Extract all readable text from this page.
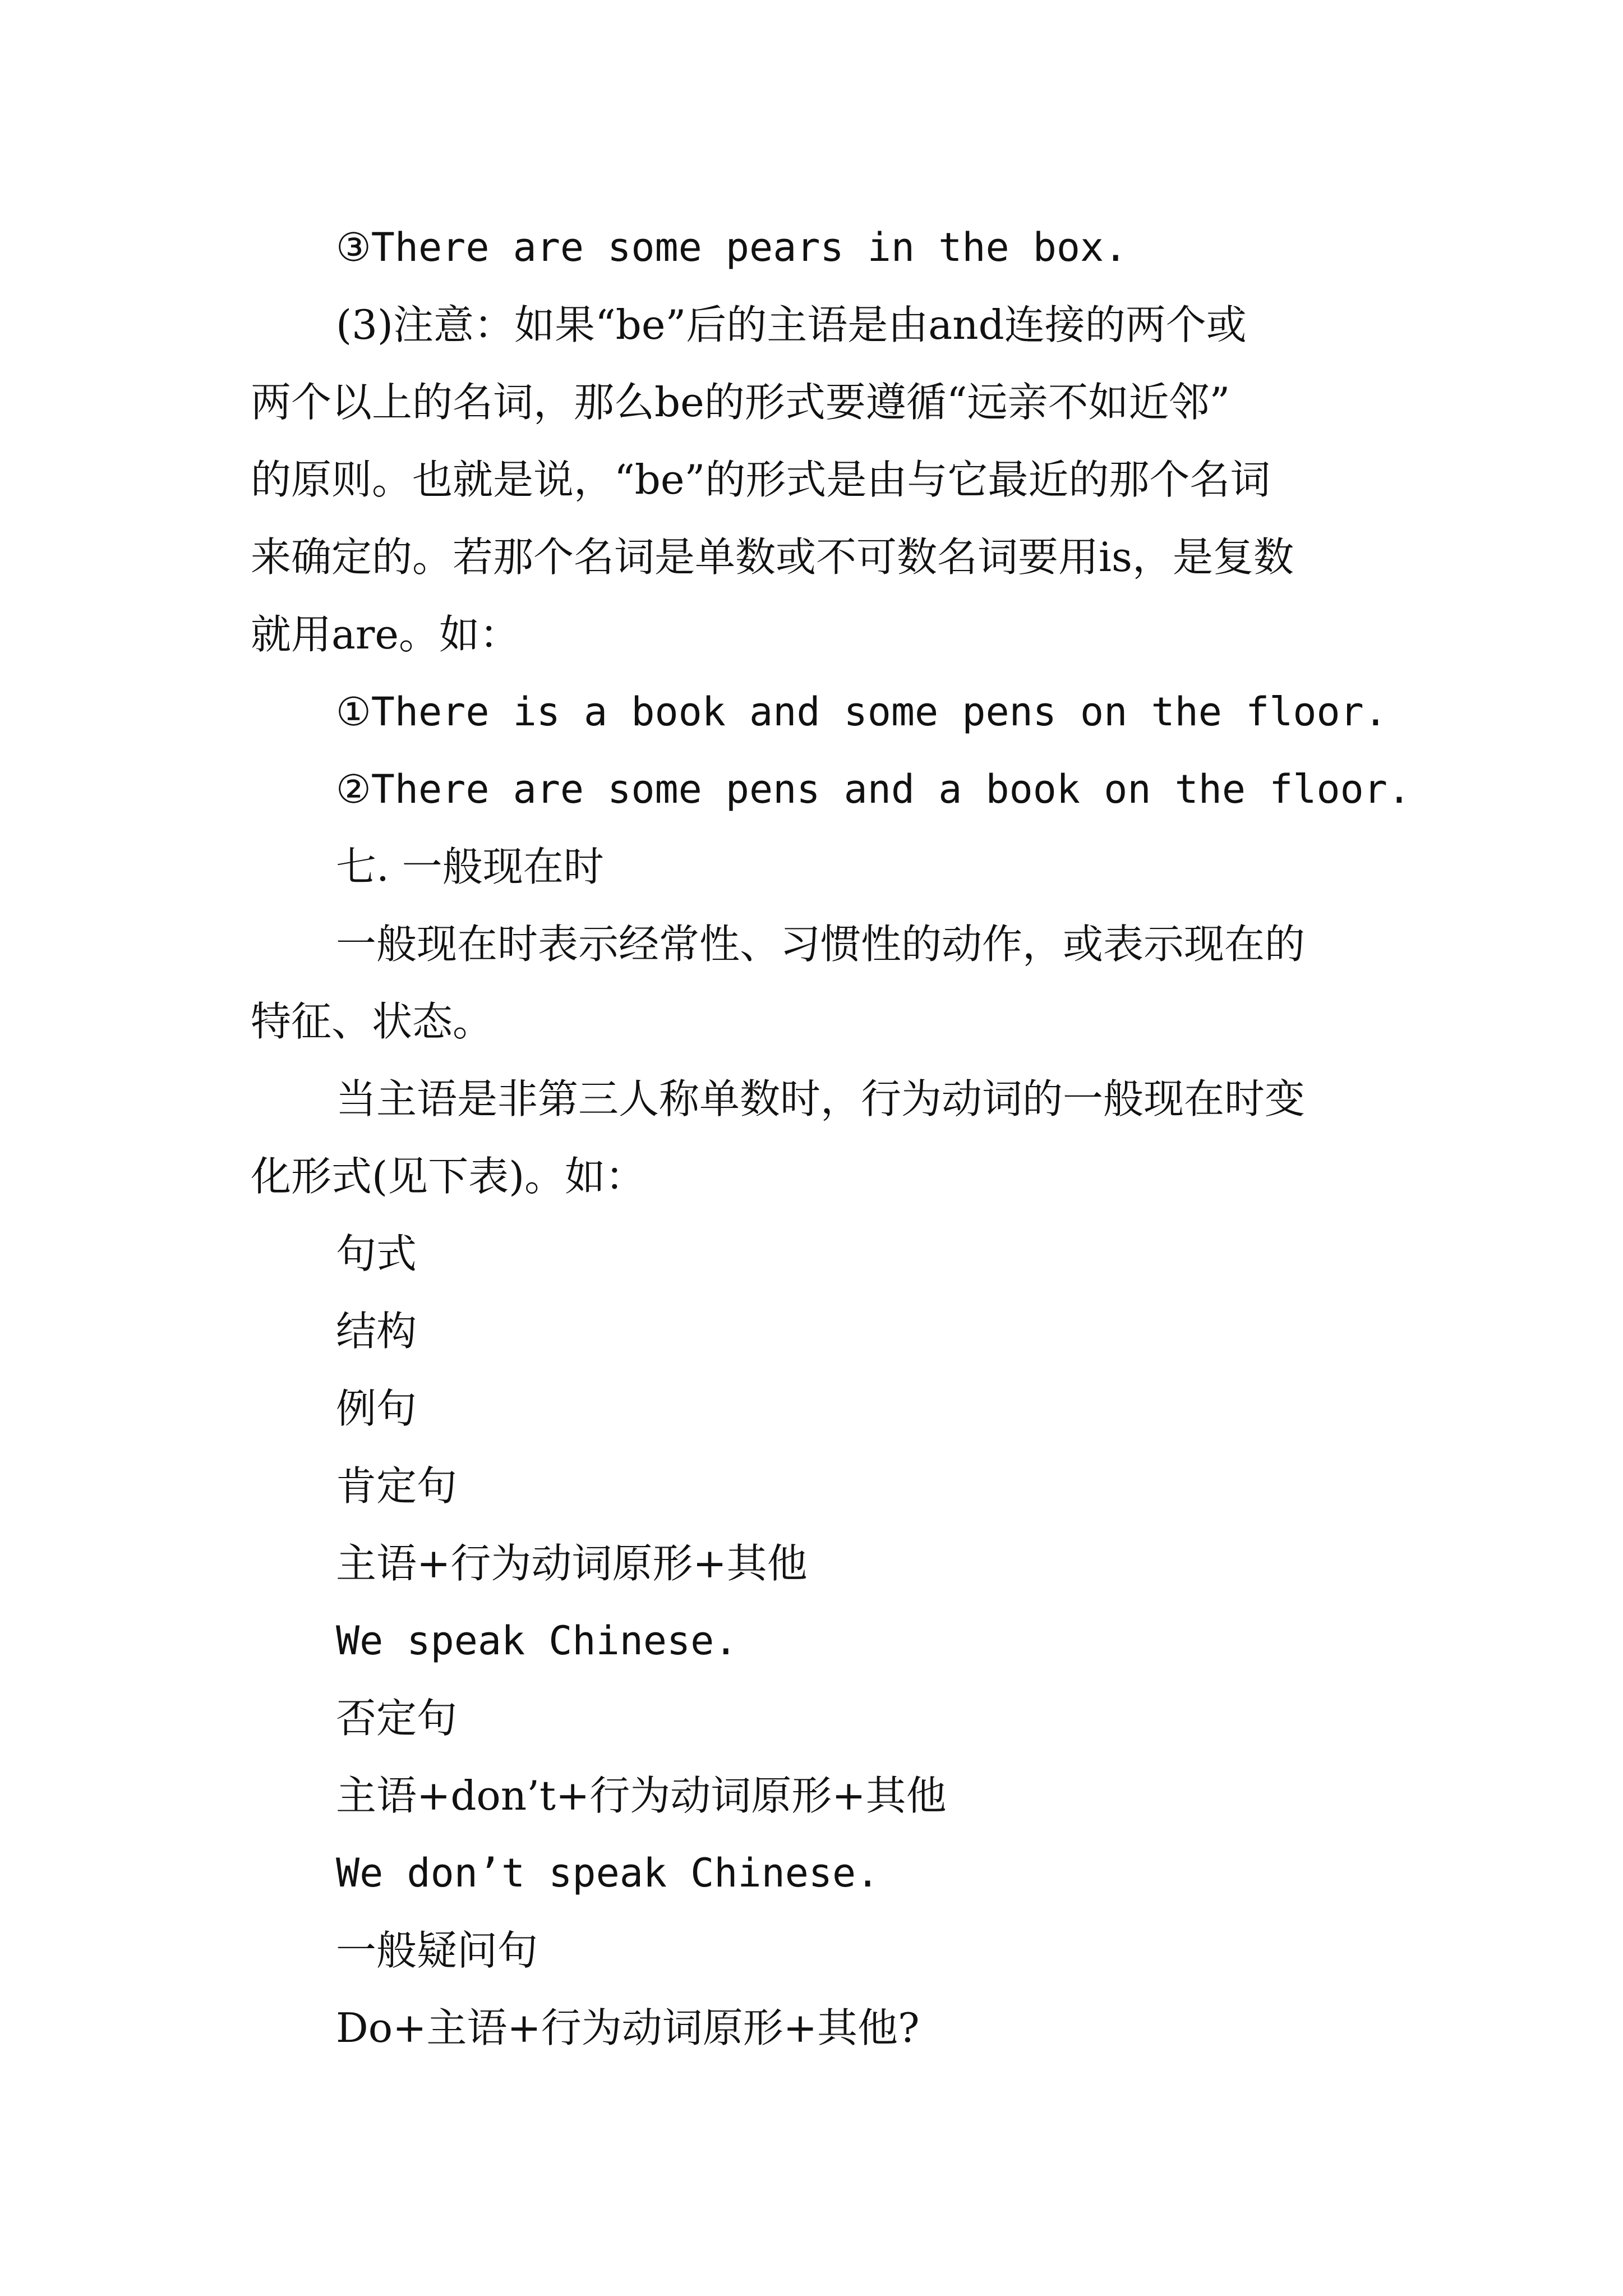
③There are some pears in the box.

(3)注意：如果“be”后的主语是由and连接的两个或

两个以上的名词，那么be的形式要遵循“远亲不如近邻”

的原则。也就是说，“be”的形式是由与它最近的那个名词

来确定的。若那个名词是单数或不可数名词要用is，是复数

就用are。如：

①There is a book and some pens on the floor.

②There are some pens and a book on the floor.

七. 一般现在时

一般现在时表示经常性、习惯性的动作，或表示现在的

特征、状态。

当主语是非第三人称单数时，行为动词的一般现在时变

化形式(见下表)。如：

句式

结构

例句

肯定句

主语+行为动词原形+其他

We speak Chinese.

否定句

主语+don’t+行为动词原形+其他

We don’t speak Chinese.

一般疑问句

Do+主语+行为动词原形+其他?
